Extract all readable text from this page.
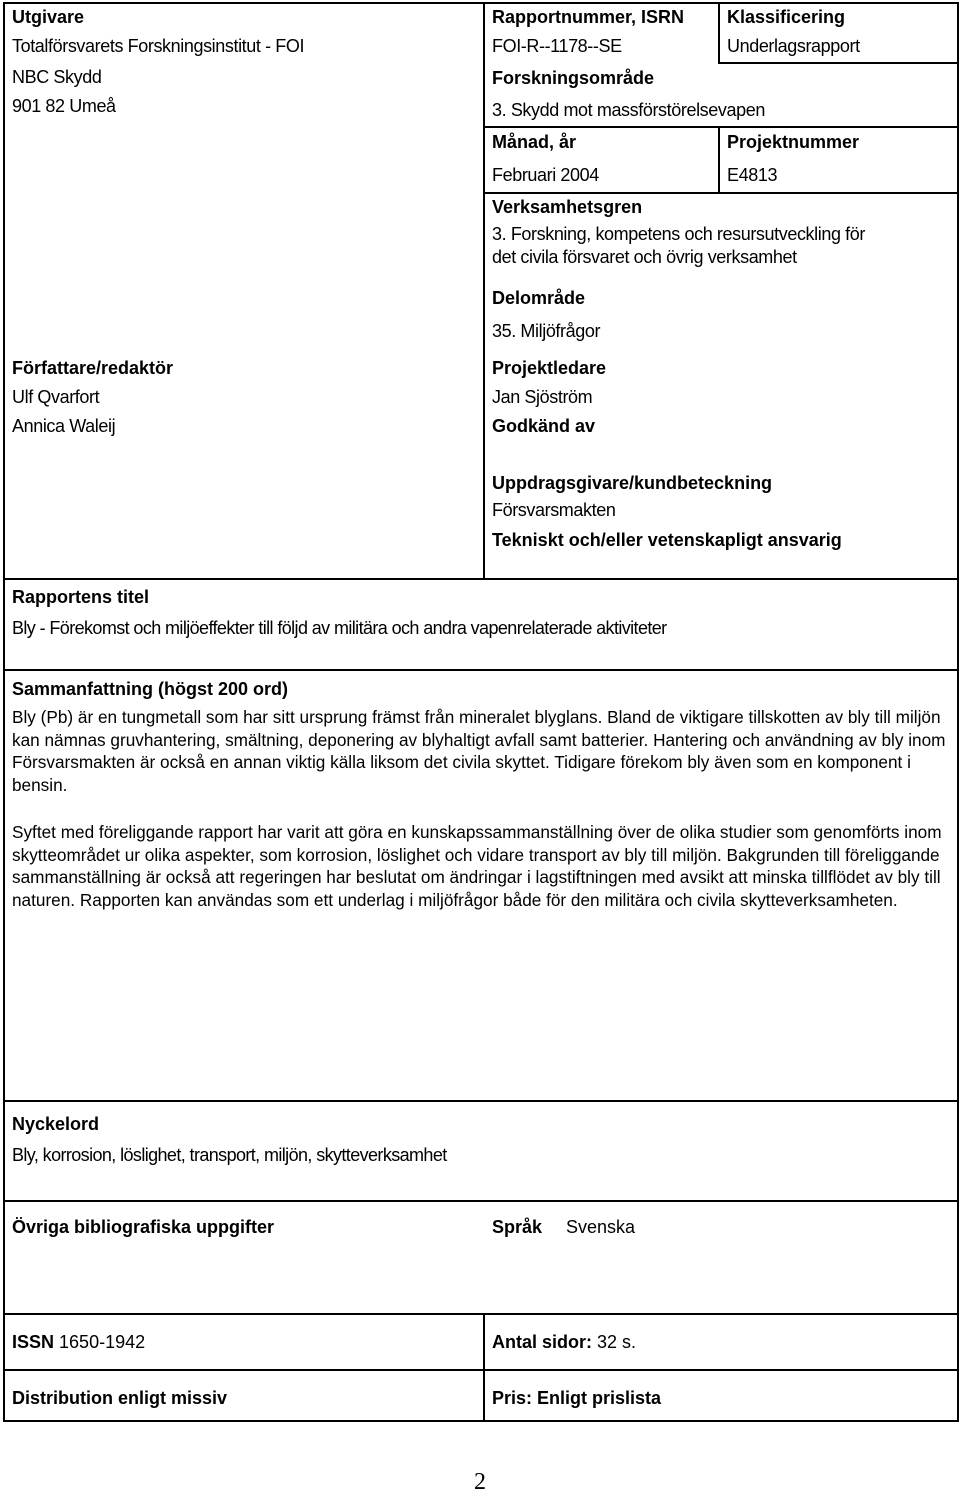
Utgivare
Totalförsvarets Forskningsinstitut - FOI
NBC Skydd
901 82 Umeå
Rapportnummer, ISRN
FOI-R--1178--SE
Klassificering
Underlagsrapport
Forskningsområde
3. Skydd mot massförstörelsevapen
Månad, år
Februari 2004
Projektnummer
E4813
Verksamhetsgren
3. Forskning, kompetens och resursutveckling för
det civila försvaret och övrig verksamhet
Delområde
35. Miljöfrågor
Författare/redaktör
Ulf Qvarfort
Annica Waleij
Projektledare
Jan Sjöström
Godkänd av
Uppdragsgivare/kundbeteckning
Försvarsmakten
Tekniskt och/eller vetenskapligt ansvarig
Rapportens titel
Bly - Förekomst och miljöeffekter till följd av militära och andra vapenrelaterade aktiviteter
Sammanfattning (högst 200 ord)
Bly (Pb) är en tungmetall som har sitt ursprung främst från mineralet blyglans. Bland de viktigare tillskotten av bly till miljön kan nämnas gruvhantering, smältning, deponering av blyhaltigt avfall samt batterier. Hantering och användning av bly inom Försvarsmakten är också en annan viktig källa liksom det civila skyttet. Tidigare förekom bly även som en komponent i bensin.
Syftet med föreliggande rapport har varit att göra en kunskapssammanställning över de olika studier som genomförts inom skytteområdet ur olika aspekter, som korrosion, löslighet och vidare transport av bly till miljön. Bakgrunden till föreliggande sammanställning är också att regeringen har beslutat om ändringar i lagstiftningen med avsikt att minska tillflödet av bly till naturen. Rapporten kan användas som ett underlag i miljöfrågor både för den militära och civila skytteverksamheten.
Nyckelord
Bly, korrosion, löslighet, transport, miljön, skytteverksamhet
Övriga bibliografiska uppgifter	Språk Svenska
ISSN 1650-1942	Antal sidor: 32 s.
Distribution enligt missiv	Pris: Enligt prislista
2
